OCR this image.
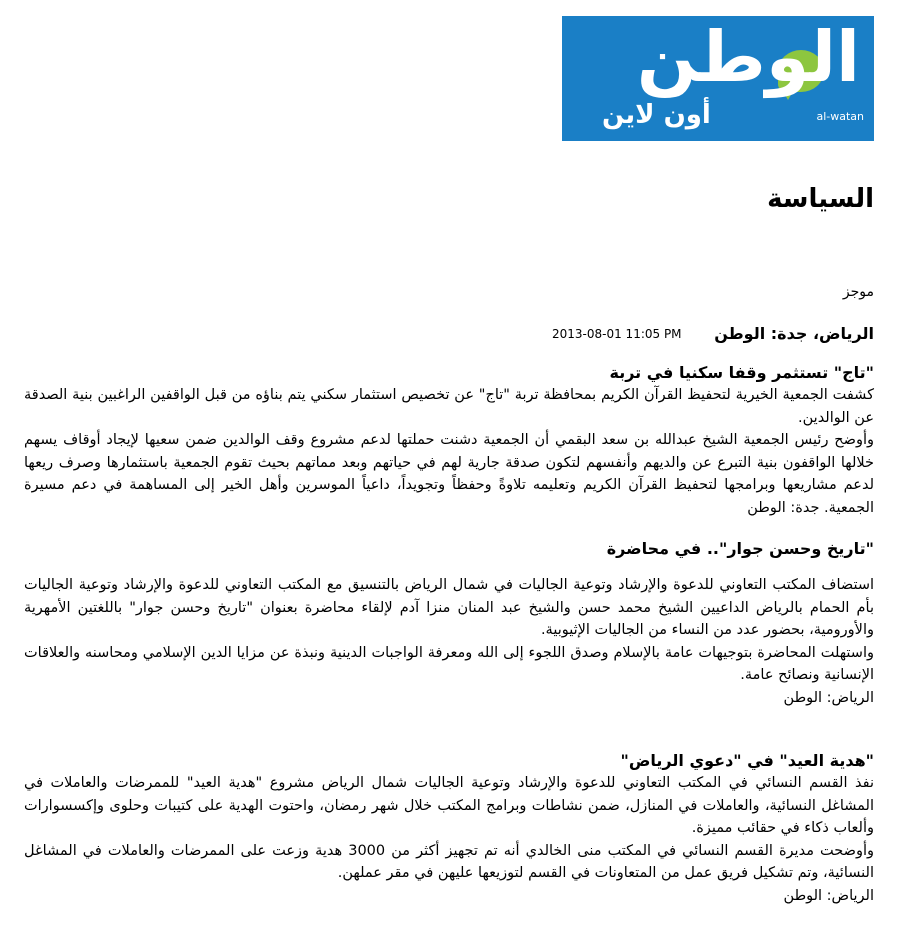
الوطن
أون لاين	al-watan
السياسة
موجز
الرياض، جدة: الوطن
2013-08-01 11:05 PM
"تاج" تستثمر وقفا سكنيا في تربة

كشفت الجمعية الخيرية لتحفيظ القرآن الكريم بمحافظة تربة "تاج" عن تخصيص استثمار سكني يتم بناؤه من قبل الواقفين الراغبين بنية الصدقة عن الوالدين.

وأوضح رئيس الجمعية الشيخ عبدالله بن سعد البقمي أن الجمعية دشنت حملتها لدعم مشروع وقف الوالدين ضمن سعيها لإيجاد أوقاف يسهم خلالها الواقفون بنية التبرع عن والديهم وأنفسهم لتكون صدقة جارية لهم في حياتهم وبعد مماتهم بحيث تقوم الجمعية باستثمارها وصرف ريعها لدعم مشاريعها وبرامجها لتحفيظ القرآن الكريم وتعليمه تلاوةً وحفظاً وتجويداً، داعياً الموسرين وأهل الخير إلى المساهمة في دعم مسيرة الجمعية. جدة: الوطن

"تاريخ وحسن جوار".. في محاضرة

استضاف المكتب التعاوني للدعوة والإرشاد وتوعية الجاليات في شمال الرياض بالتنسيق مع المكتب التعاوني للدعوة والإرشاد وتوعية الجاليات بأم الحمام بالرياض الداعيين الشيخ محمد حسن والشيخ عبد المنان منزا آدم لإلقاء محاضرة بعنوان "تاريخ وحسن جوار" باللغتين الأمهرية والأورومية، بحضور عدد من النساء من الجاليات الإثيوبية.

واستهلت المحاضرة بتوجيهات عامة بالإسلام وصدق اللجوء إلى الله ومعرفة الواجبات الدينية ونبذة عن مزايا الدين الإسلامي ومحاسنه والعلاقات الإنسانية ونصائح عامة.

الرياض: الوطن
"هدية العيد" في "دعوي الرياض"

نفذ القسم النسائي في المكتب التعاوني للدعوة والإرشاد وتوعية الجاليات شمال الرياض مشروع "هدية العيد" للممرضات والعاملات في المشاغل النسائية، والعاملات في المنازل، ضمن نشاطات وبرامج المكتب خلال شهر رمضان، واحتوت الهدية على كتيبات وحلوى وإكسسوارات وألعاب ذكاء في حقائب مميزة.

وأوضحت مديرة القسم النسائي في المكتب منى الخالدي أنه تم تجهيز أكثر من 3000 هدية وزعت على الممرضات والعاملات في المشاغل النسائية، وتم تشكيل فريق عمل من المتعاونات في القسم لتوزيعها عليهن في مقر عملهن.

الرياض: الوطن
